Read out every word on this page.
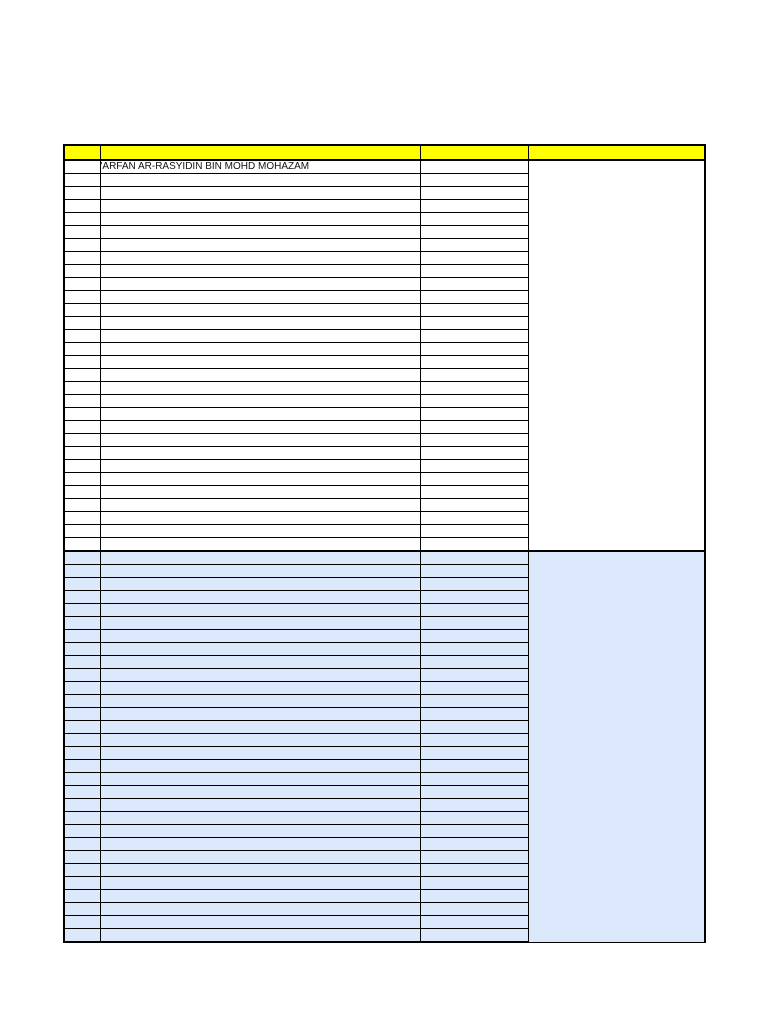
	'ARFAN AR-RASYIDIN BIN MOHD MOHAZAM		
